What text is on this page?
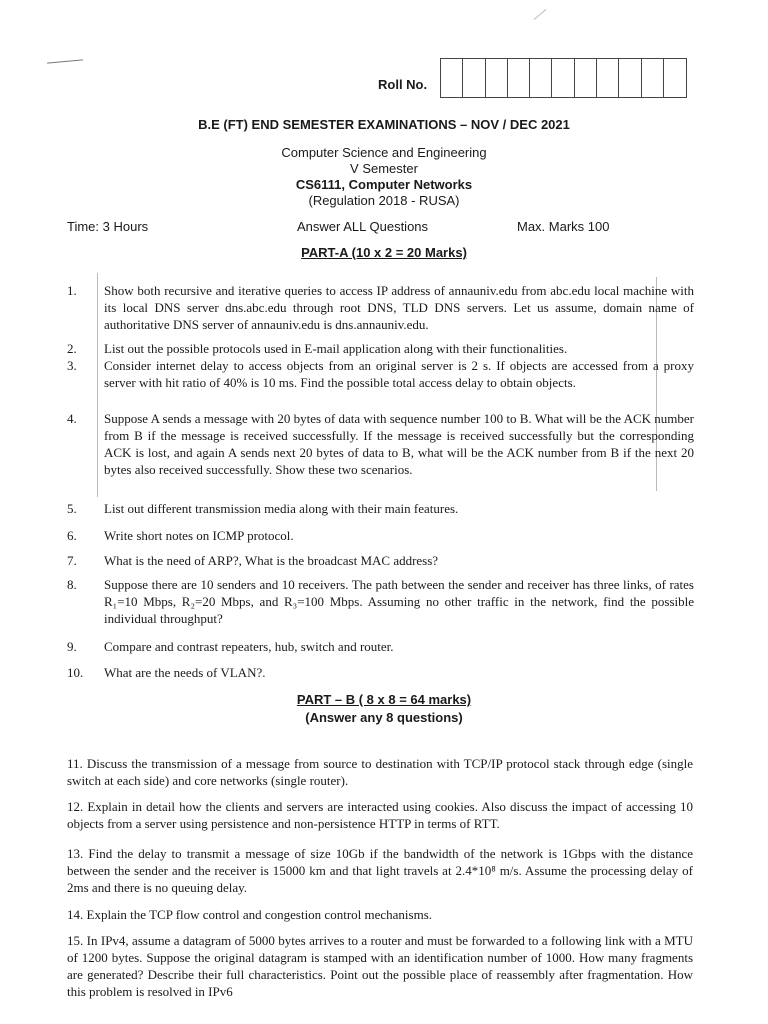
Roll No.
B.E (FT) END SEMESTER EXAMINATIONS – NOV / DEC 2021
Computer Science and Engineering
V Semester
CS6111, Computer Networks
(Regulation 2018 - RUSA)
Time: 3 Hours	Answer ALL Questions	Max. Marks 100
PART-A (10 x 2 = 20 Marks)
1.	Show both recursive and iterative queries to access IP address of annauniv.edu from abc.edu local machine with its local DNS server dns.abc.edu through root DNS, TLD DNS servers. Let us assume, domain name of authoritative DNS server of annauniv.edu is dns.annauniv.edu.
2.	List out the possible protocols used in E-mail application along with their functionalities.
3.	Consider internet delay to access objects from an original server is 2 s. If objects are accessed from a proxy server with hit ratio of 40% is 10 ms. Find the possible total access delay to obtain objects.
4.	Suppose A sends a message with 20 bytes of data with sequence number 100 to B. What will be the ACK number from B if the message is received successfully. If the message is received successfully but the corresponding ACK is lost, and again A sends next 20 bytes of data to B, what will be the ACK number from B if the next 20 bytes also received successfully. Show these two scenarios.
5.	List out different transmission media along with their main features.
6.	Write short notes on ICMP protocol.
7.	What is the need of ARP?, What is the broadcast MAC address?
8.	Suppose there are 10 senders and 10 receivers. The path between the sender and receiver has three links, of rates R₁=10 Mbps, R₂=20 Mbps, and R₃=100 Mbps. Assuming no other traffic in the network, find the possible individual throughput?
9.	Compare and contrast repeaters, hub, switch and router.
10.	What are the needs of VLAN?.
PART – B ( 8 x 8 = 64 marks)
(Answer any 8 questions)
11. Discuss the transmission of a message from source to destination with TCP/IP protocol stack through edge (single switch at each side) and core networks (single router).
12. Explain in detail how the clients and servers are interacted using cookies. Also discuss the impact of accessing 10 objects from a server using persistence and non-persistence HTTP in terms of RTT.
13. Find the delay to transmit a message of size 10Gb if the bandwidth of the network is 1Gbps with the distance between the sender and the receiver is 15000 km and that light travels at 2.4*10⁸ m/s. Assume the processing delay of 2ms and there is no queuing delay.
14. Explain the TCP flow control and congestion control mechanisms.
15. In IPv4, assume a datagram of 5000 bytes arrives to a router and must be forwarded to a following link with a MTU of 1200 bytes. Suppose the original datagram is stamped with an identification number of 1000. How many fragments are generated? Describe their full characteristics. Point out the possible place of reassembly after fragmentation. How this problem is resolved in IPv6
